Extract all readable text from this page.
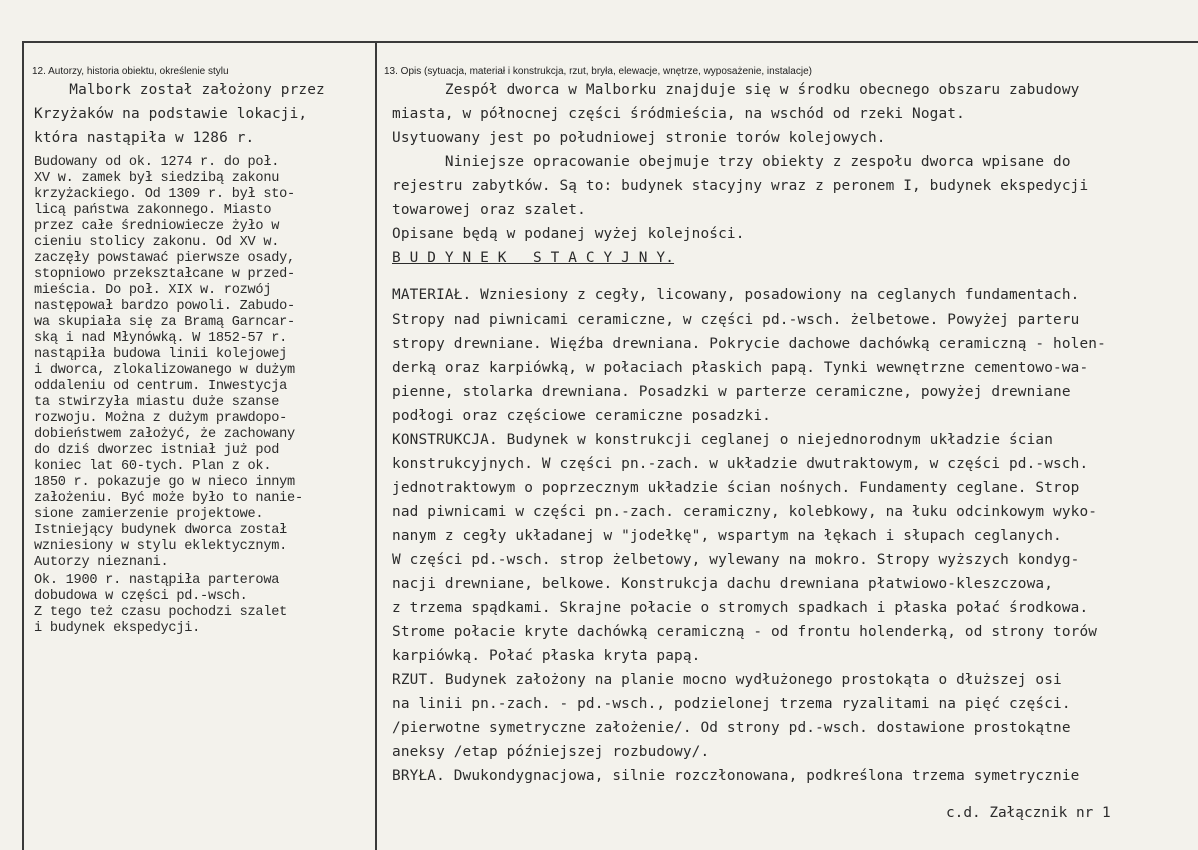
12. Autorzy, historia obiektu, określenie stylu	13. Opis (sytuacja, materiał i konstrukcja, rzut, bryła, elewacje, wnętrze, wyposażenie, instalacje)
Malbork został założony przez
Krzyżaków na podstawie lokacji,
która nastąpiła w 1286 r.
Budowany od ok. 1274 r. do poł.
XV w. zamek był siedzibą zakonu
krzyżackiego. Od 1309 r. był sto-
licą państwa zakonnego. Miasto
przez całe średniowiecze żyło w
cieniu stolicy zakonu. Od XV w.
zaczęły powstawać pierwsze osady,
stopniowo przekształcane w przed-
mieścia. Do poł. XIX w. rozwój
następował bardzo powoli. Zabudo-
wa skupiała się za Bramą Garncar-
ską i nad Młynówką. W 1852-57 r.
nastąpiła budowa linii kolejowej
i dworca, zlokalizowanego w dużym
oddaleniu od centrum. Inwestycja
ta stwirzyła miastu duże szanse
rozwoju. Można z dużym prawdopo-
dobieństwem założyć, że zachowany
do dziś dworzec istniał już pod
koniec lat 60-tych. Plan z ok.
1850 r. pokazuje go w nieco innym
założeniu. Być może było to nanie-
sione zamierzenie projektowe.
Istniejący budynek dworca został
wzniesiony w stylu eklektycznym.
Autorzy nieznani.
Ok. 1900 r. nastąpiła parterowa
dobudowa w części pd.-wsch.
Z tego też czasu pochodzi szalet
i budynek ekspedycji.
Zespół dworca w Malborku znajduje się w środku obecnego obszaru zabudowy
miasta, w północnej części śródmieścia, na wschód od rzeki Nogat.
Usytuowany jest po południowej stronie torów kolejowych.
Niniejsze opracowanie obejmuje trzy obiekty z zespołu dworca wpisane do
rejestru zabytków. Są to: budynek stacyjny wraz z peronem I, budynek ekspedycji
towarowej oraz szalet.
Opisane będą w podanej wyżej kolejności.
B U D Y N E K   S T A C Y J N Y.
MATERIAŁ. Wzniesiony z cegły, licowany, posadowiony na ceglanych fundamentach.
Stropy nad piwnicami ceramiczne, w części pd.-wsch. żelbetowe. Powyżej parteru
stropy drewniane. Więźba drewniana. Pokrycie dachowe dachówką ceramiczną - holen-
derką oraz karpiówką, w połaciach płaskich papą. Tynki wewnętrzne cementowo-wa-
pienne, stolarka drewniana. Posadzki w parterze ceramiczne, powyżej drewniane
podłogi oraz częściowe ceramiczne posadzki.
KONSTRUKCJA. Budynek w konstrukcji ceglanej o niejednorodnym układzie ścian
konstrukcyjnych. W części pn.-zach. w układzie dwutraktowym, w części pd.-wsch.
jednotraktowym o poprzecznym układzie ścian nośnych. Fundamenty ceglane. Strop
nad piwnicami w części pn.-zach. ceramiczny, kolebkowy, na łuku odcinkowym wyko-
nanym z cegły układanej w "jodełkę", wspartym na łękach i słupach ceglanych.
W części pd.-wsch. strop żelbetowy, wylewany na mokro. Stropy wyższych kondyg-
nacji drewniane, belkowe. Konstrukcja dachu drewniana płatwiowo-kleszczowa,
z trzema spądkami. Skrajne połacie o stromych spadkach i płaska połać środkowa.
Strome połacie kryte dachówką ceramiczną - od frontu holenderką, od strony torów
karpiówką. Połać płaska kryta papą.
RZUT. Budynek założony na planie mocno wydłużonego prostokąta o dłuższej osi
na linii pn.-zach. - pd.-wsch., podzielonej trzema ryzalitami na pięć części.
/pierwotne symetryczne założenie/. Od strony pd.-wsch. dostawione prostokątne
aneksy /etap późniejszej rozbudowy/.
BRYŁA. Dwukondygnacjowa, silnie rozczłonowana, podkreślona trzema symetrycznie
c.d. Załącznik nr 1
